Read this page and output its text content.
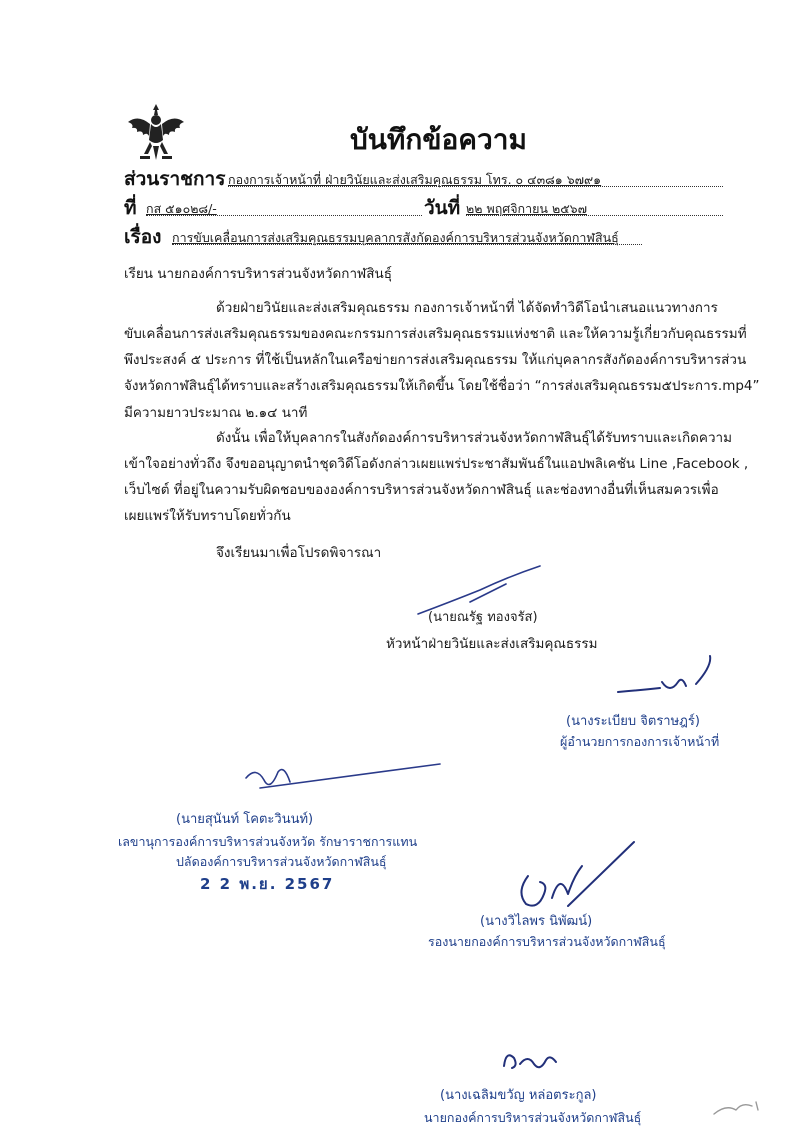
บันทึกข้อความ
ส่วนราชการ กองการเจ้าหน้าที่ ฝ่ายวินัยและส่งเสริมคุณธรรม โทร. ๐ ๔๓๘๑ ๖๗๙๑
ที่ กส ๕๑๐๒๘/-	วันที่ ๒๒ พฤศจิกายน ๒๕๖๗
เรื่อง การขับเคลื่อนการส่งเสริมคุณธรรมบุคลากรสังกัดองค์การบริหารส่วนจังหวัดกาฬสินธุ์
เรียน นายกองค์การบริหารส่วนจังหวัดกาฬสินธุ์
ด้วยฝ่ายวินัยและส่งเสริมคุณธรรม กองการเจ้าหน้าที่ ได้จัดทำวิดีโอนำเสนอแนวทางการ
ขับเคลื่อนการส่งเสริมคุณธรรมของคณะกรรมการส่งเสริมคุณธรรมแห่งชาติ และให้ความรู้เกี่ยวกับคุณธรรมที่
พึงประสงค์ ๕ ประการ ที่ใช้เป็นหลักในเครือข่ายการส่งเสริมคุณธรรม ให้แก่บุคลากรสังกัดองค์การบริหารส่วน
จังหวัดกาฬสินธุ์ได้ทราบและสร้างเสริมคุณธรรมให้เกิดขึ้น โดยใช้ชื่อว่า “การส่งเสริมคุณธรรม๕ประการ.mp4”
มีความยาวประมาณ ๒.๑๔ นาที
ดังนั้น เพื่อให้บุคลากรในสังกัดองค์การบริหารส่วนจังหวัดกาฬสินธุ์ได้รับทราบและเกิดความ
เข้าใจอย่างทั่วถึง จึงขออนุญาตนำชุดวิดีโอดังกล่าวเผยแพร่ประชาสัมพันธ์ในแอปพลิเคชัน Line ,Facebook ,
เว็บไซต์ ที่อยู่ในความรับผิดชอบขององค์การบริหารส่วนจังหวัดกาฬสินธุ์ และช่องทางอื่นที่เห็นสมควรเพื่อ
เผยแพร่ให้รับทราบโดยทั่วกัน
จึงเรียนมาเพื่อโปรดพิจารณา
(นายณรัฐ ทองจรัส)
หัวหน้าฝ่ายวินัยและส่งเสริมคุณธรรม
(นางระเบียบ จิตราษฎร์)
ผู้อำนวยการกองการเจ้าหน้าที่
(นายสุนันท์ โคตะวินนท์)
เลขานุการองค์การบริหารส่วนจังหวัด รักษาราชการแทน
ปลัดองค์การบริหารส่วนจังหวัดกาฬสินธุ์
2 2 พ.ย. 2567
(นางวิไลพร นิพัฒน์)
รองนายกองค์การบริหารส่วนจังหวัดกาฬสินธุ์
(นางเฉลิมขวัญ หล่อตระกูล)
นายกองค์การบริหารส่วนจังหวัดกาฬสินธุ์
